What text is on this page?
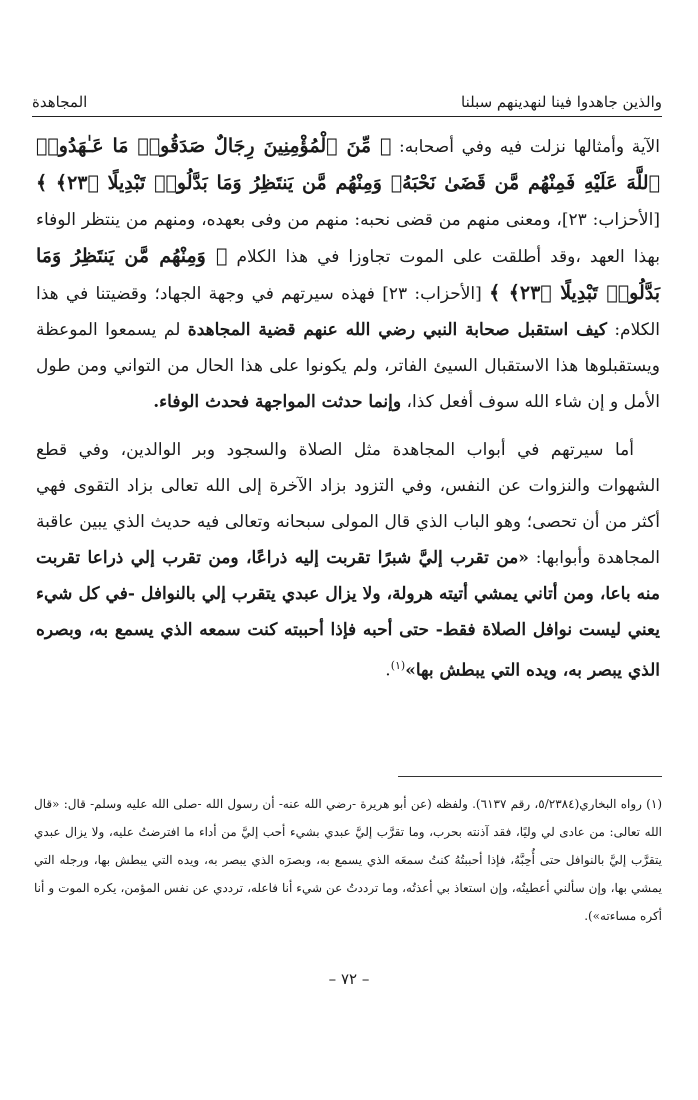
والذين جاهدوا فينا لنهدينهم سبلنا
المجاهدة

الآية وأمثالها نزلت فيه وفي أصحابه: ﴿ مِّنَ ٱلْمُؤْمِنِينَ رِجَالٌ صَدَقُوا۟ مَا عَـٰهَدُوا۟ ٱللَّهَ عَلَيْهِ فَمِنْهُم مَّن قَضَىٰ نَحْبَهُۥ وَمِنْهُم مَّن يَنتَظِرُ وَمَا بَدَّلُوا۟ تَبْدِيلًا ﴿٢٣﴾ ﴾ [الأحزاب: ٢٣]، ومعنى منهم من قضى نحبه: منهم من وفى بعهده، ومنهم من ينتظر الوفاء بهذا العهد ،وقد أطلقت على الموت تجاوزا في هذا الكلام ﴿ وَمِنْهُم مَّن يَنتَظِرُ وَمَا بَدَّلُوا۟ تَبْدِيلًا ﴿٢٣﴾ ﴾ [الأحزاب: ٢٣] فهذه سيرتهم في وجهة الجهاد؛ وقضيتنا في هذا الكلام: كيف استقبل صحابة النبي رضي الله عنهم قضية المجاهدة لم يسمعوا الموعظة ويستقبلوها هذا الاستقبال السيئ الفاتر، ولم يكونوا على هذا الحال من التواني ومن طول الأمل و إن شاء الله سوف أفعل كذا، وإنما حدثت المواجهة فحدث الوفاء.

أما سيرتهم في أبواب المجاهدة مثل الصلاة والسجود وبر الوالدين، وفي قطع الشهوات والنزوات عن النفس، وفي التزود بزاد الآخرة إلى الله تعالى بزاد التقوى فهي أكثر من أن تحصى؛ وهو الباب الذي قال المولى سبحانه وتعالى فيه حديث الذي يبين عاقبة المجاهدة وأبوابها: «من تقرب إليَّ شبرًا تقربت إليه ذراعًا، ومن تقرب إلي ذراعا تقربت منه باعا، ومن أتاني يمشي أتيته هرولة، ولا يزال عبدي يتقرب إلي بالنوافل -في كل شيء يعني ليست نوافل الصلاة فقط- حتى أحبه فإذا أحببته كنت سمعه الذي يسمع به، وبصره الذي يبصر به، ويده التي يبطش بها»$^{(١)}$.

(١) رواه البخاري(٥/٢٣٨٤، رقم ٦١٣٧). ولفظه (عن أبو هريرة -رضي الله عنه- أن رسول الله -صلى الله عليه وسلم- قال: «قال الله تعالى: من عادى لي وليًا، فقد آذنته بحرب، وما تقرَّب إليَّ عبدي بشيء أحب إليَّ من أداء ما افترضتُ عليه، ولا يزال عبدي يتقرَّب إليَّ بالنوافل حتى أُحِبَّهُ، فإذا أحببتُهُ كنتُ سمعَه الذي يسمع به، وبصرَه الذي يبصر به، ويده التي يبطش بها، ورجله التي يمشي بها، وإن سألني أعطيتُه، وإن استعاذ بي أعذتُه، وما ترددتُ عن شيء أنا فاعله، ترددي عن نفس المؤمن، يكره الموت و أنا أكره مساءته»).

– ٧٢ –
